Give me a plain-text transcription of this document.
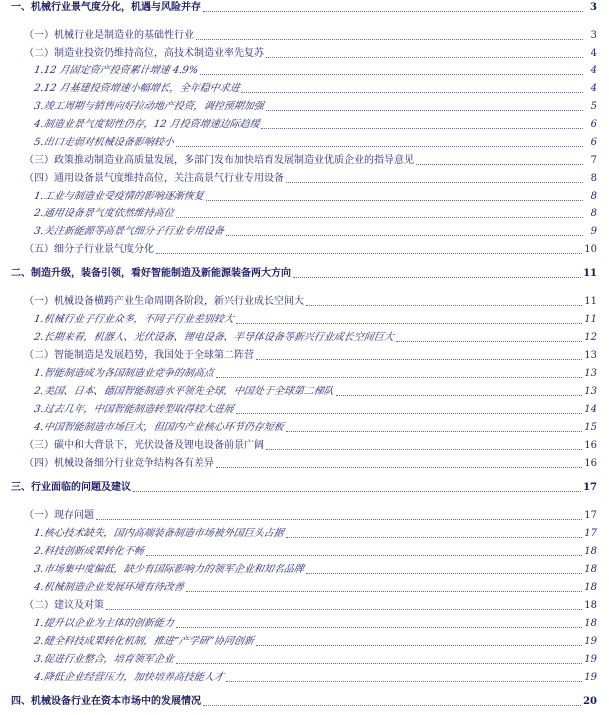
一、机械行业景气度分化，机遇与风险并存	3
（一）机械行业是制造业的基础性行业	3
（二）制造业投资仍维持高位，高技术制造业率先复苏	4
1.12 月固定资产投资累计增速 4.9%	4
2.12 月基建投资增速小幅增长，全年稳中求进	4
3.竣工周期与销售向好拉动地产投资，调控预期加强	5
4.制造业景气度韧性仍存，12 月投资增速边际趋缓	6
5.出口走弱对机械设备影响较小	6
（三）政策推动制造业高质量发展，多部门发布加快培育发展制造业优质企业的指导意见	7
（四）通用设备景气度维持高位，关注高景气行业专用设备	8
1.工业与制造业受疫情的影响逐渐恢复	8
2.通用设备景气度依然维持高位	8
3.关注新能源等高景气细分子行业专用设备	9
（五）细分子行业景气度分化	10
二、制造升级，装备引领，看好智能制造及新能源装备两大方向	11
（一）机械设备横跨产业生命周期各阶段，新兴行业成长空间大	11
1.机械行业子行业众多，不同子行业差别较大	11
2.长期来看，机器人、光伏设备、锂电设备、半导体设备等新兴行业成长空间巨大	12
（二）智能制造是发展趋势，我国处于全球第二阵营	13
1.智能制造成为各国制造业竞争的制高点	13
2.美国、日本、德国智能制造水平领先全球，中国处于全球第二梯队	13
3.过去几年，中国智能制造转型取得较大进展	14
4.中国智能制造市场巨大，但国内产业核心环节仍存短板	15
（三）碳中和大背景下，光伏设备及锂电设备前景广阔	16
（四）机械设备细分行业竞争结构各有差异	16
三、行业面临的问题及建议	17
（一）现存问题	17
1.核心技术缺失，国内高端装备制造市场被外国巨头占据	17
2.科技创新成果转化不畅	18
3.市场集中度偏低，缺少有国际影响力的领军企业和知名品牌	18
4.机械制造企业发展环境有待改善	18
（二）建议及对策	18
1.提升以企业为主体的创新能力	18
2.健全科技成果转化机制，推进“产学研”协同创新	19
3.促进行业整合，培育领军企业	19
4.降低企业经营压力，加快培养高技能人才	19
四、机械设备行业在资本市场中的发展情况	20
